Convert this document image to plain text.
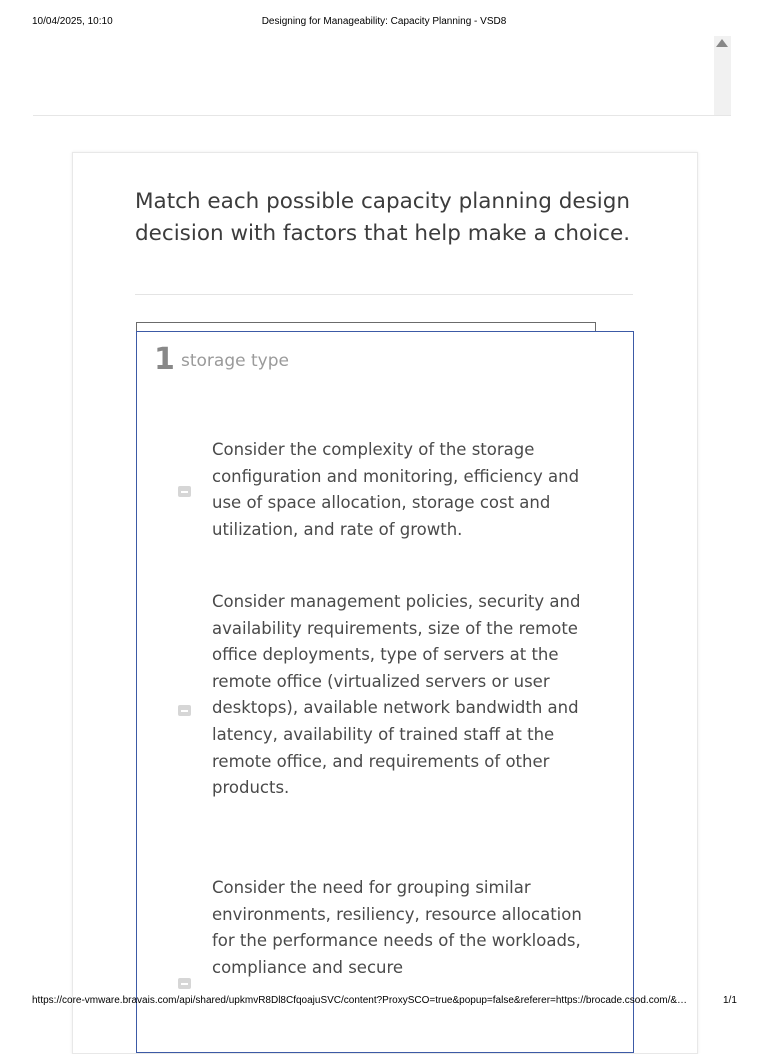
10/04/2025, 10:10	Designing for Manageability: Capacity Planning - VSD8
Match each possible capacity planning design decision with factors that help make a choice.
1 storage type

Consider the complexity of the storage configuration and monitoring, efficiency and use of space allocation, storage cost and utilization, and rate of growth.

Consider management policies, security and availability requirements, size of the remote office deployments, type of servers at the remote office (virtualized servers or user desktops), available network bandwidth and latency, availability of trained staff at the remote office, and requirements of other products.

Consider the need for grouping similar environments, resiliency, resource allocation for the performance needs of the workloads, compliance and secure

https://core-vmware.bravais.com/api/shared/upkmvR8Dl8CfqoajuSVC/content?ProxySCO=true&popup=false&referer=https://brocade.csod.com/&…	1/1
